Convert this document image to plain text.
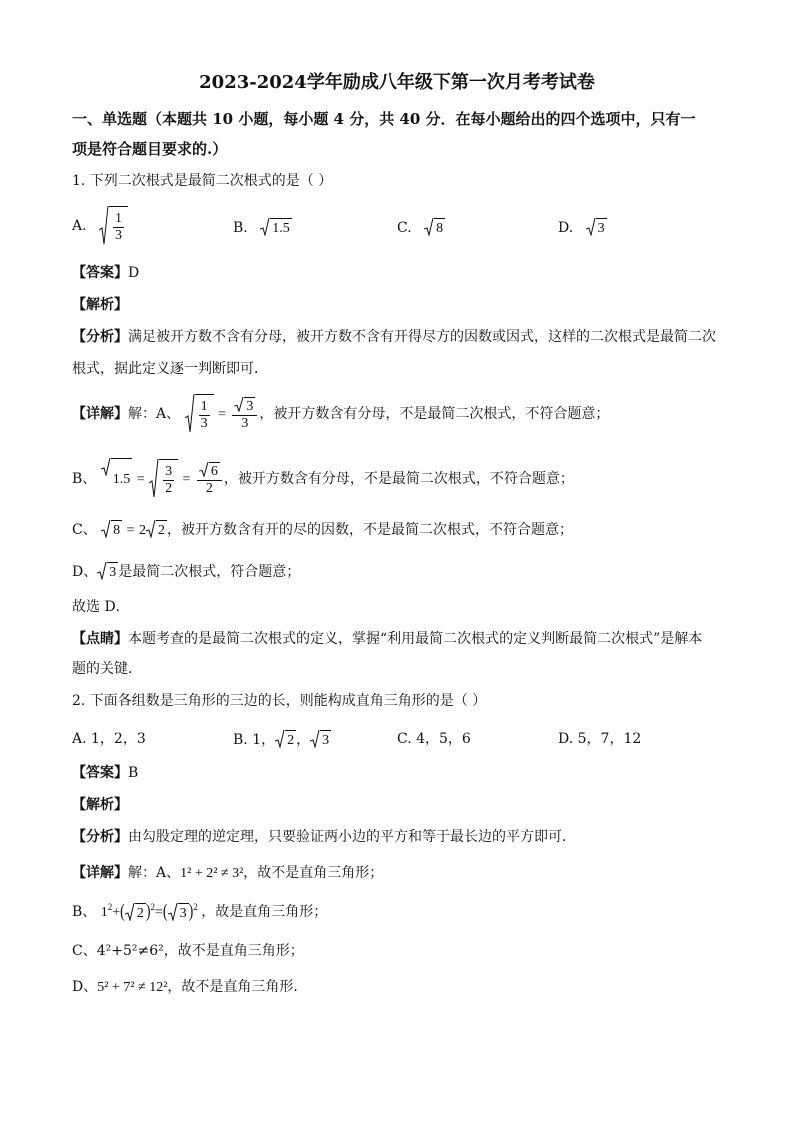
2023-2024学年励成八年级下第一次月考考试卷
一、单选题（本题共 10 小题，每小题 4 分，共 40 分．在每小题给出的四个选项中，只有一
项是符合题目要求的.）
1. 下列二次根式是最简二次根式的是（ ）
A. $\frac{1}{3}$	B. 1.5	C. 8	D. 3
【答案】D
【解析】
【分析】满足被开方数不含有分母，被开方数不含有开得尽方的因数或因式，这样的二次根式是最简二次
根式，据此定义逐一判断即可．
【详解】解：A、 $\frac{1}{3} = \frac{3}{3}$ ，被开方数含有分母，不是最简二次根式，不符合题意；
B、 $1.5 = \frac{3}{2} = \frac{6}{2}$ ，被开方数含有分母，不是最简二次根式，不符合题意；
C、 8 = 2 2 ，被开方数含有开的尽的因数，不是最简二次根式，不符合题意；
D、 3 是最简二次根式，符合题意；
故选 D．
【点睛】本题考查的是最简二次根式的定义，掌握“利用最简二次根式的定义判断最简二次根式”是解本
题的关键．
2. 下面各组数是三角形的三边的长，则能构成直角三角形的是（ ）
A. 1，2，3	B. 1， 2 ， 3	C. 4，5，6	D. 5，7，12
【答案】B
【解析】
【分析】由勾股定理的逆定理，只要验证两小边的平方和等于最长边的平方即可．
【详解】解：A、1² + 2² ≠ 3²，故不是直角三角形；
B、 $1^2+$( 2 )$^2$=( 3 )$^2$ ，故是直角三角形；
C、4²+5²≠6²，故不是直角三角形；
D、5² + 7² ≠ 12²，故不是直角三角形．
